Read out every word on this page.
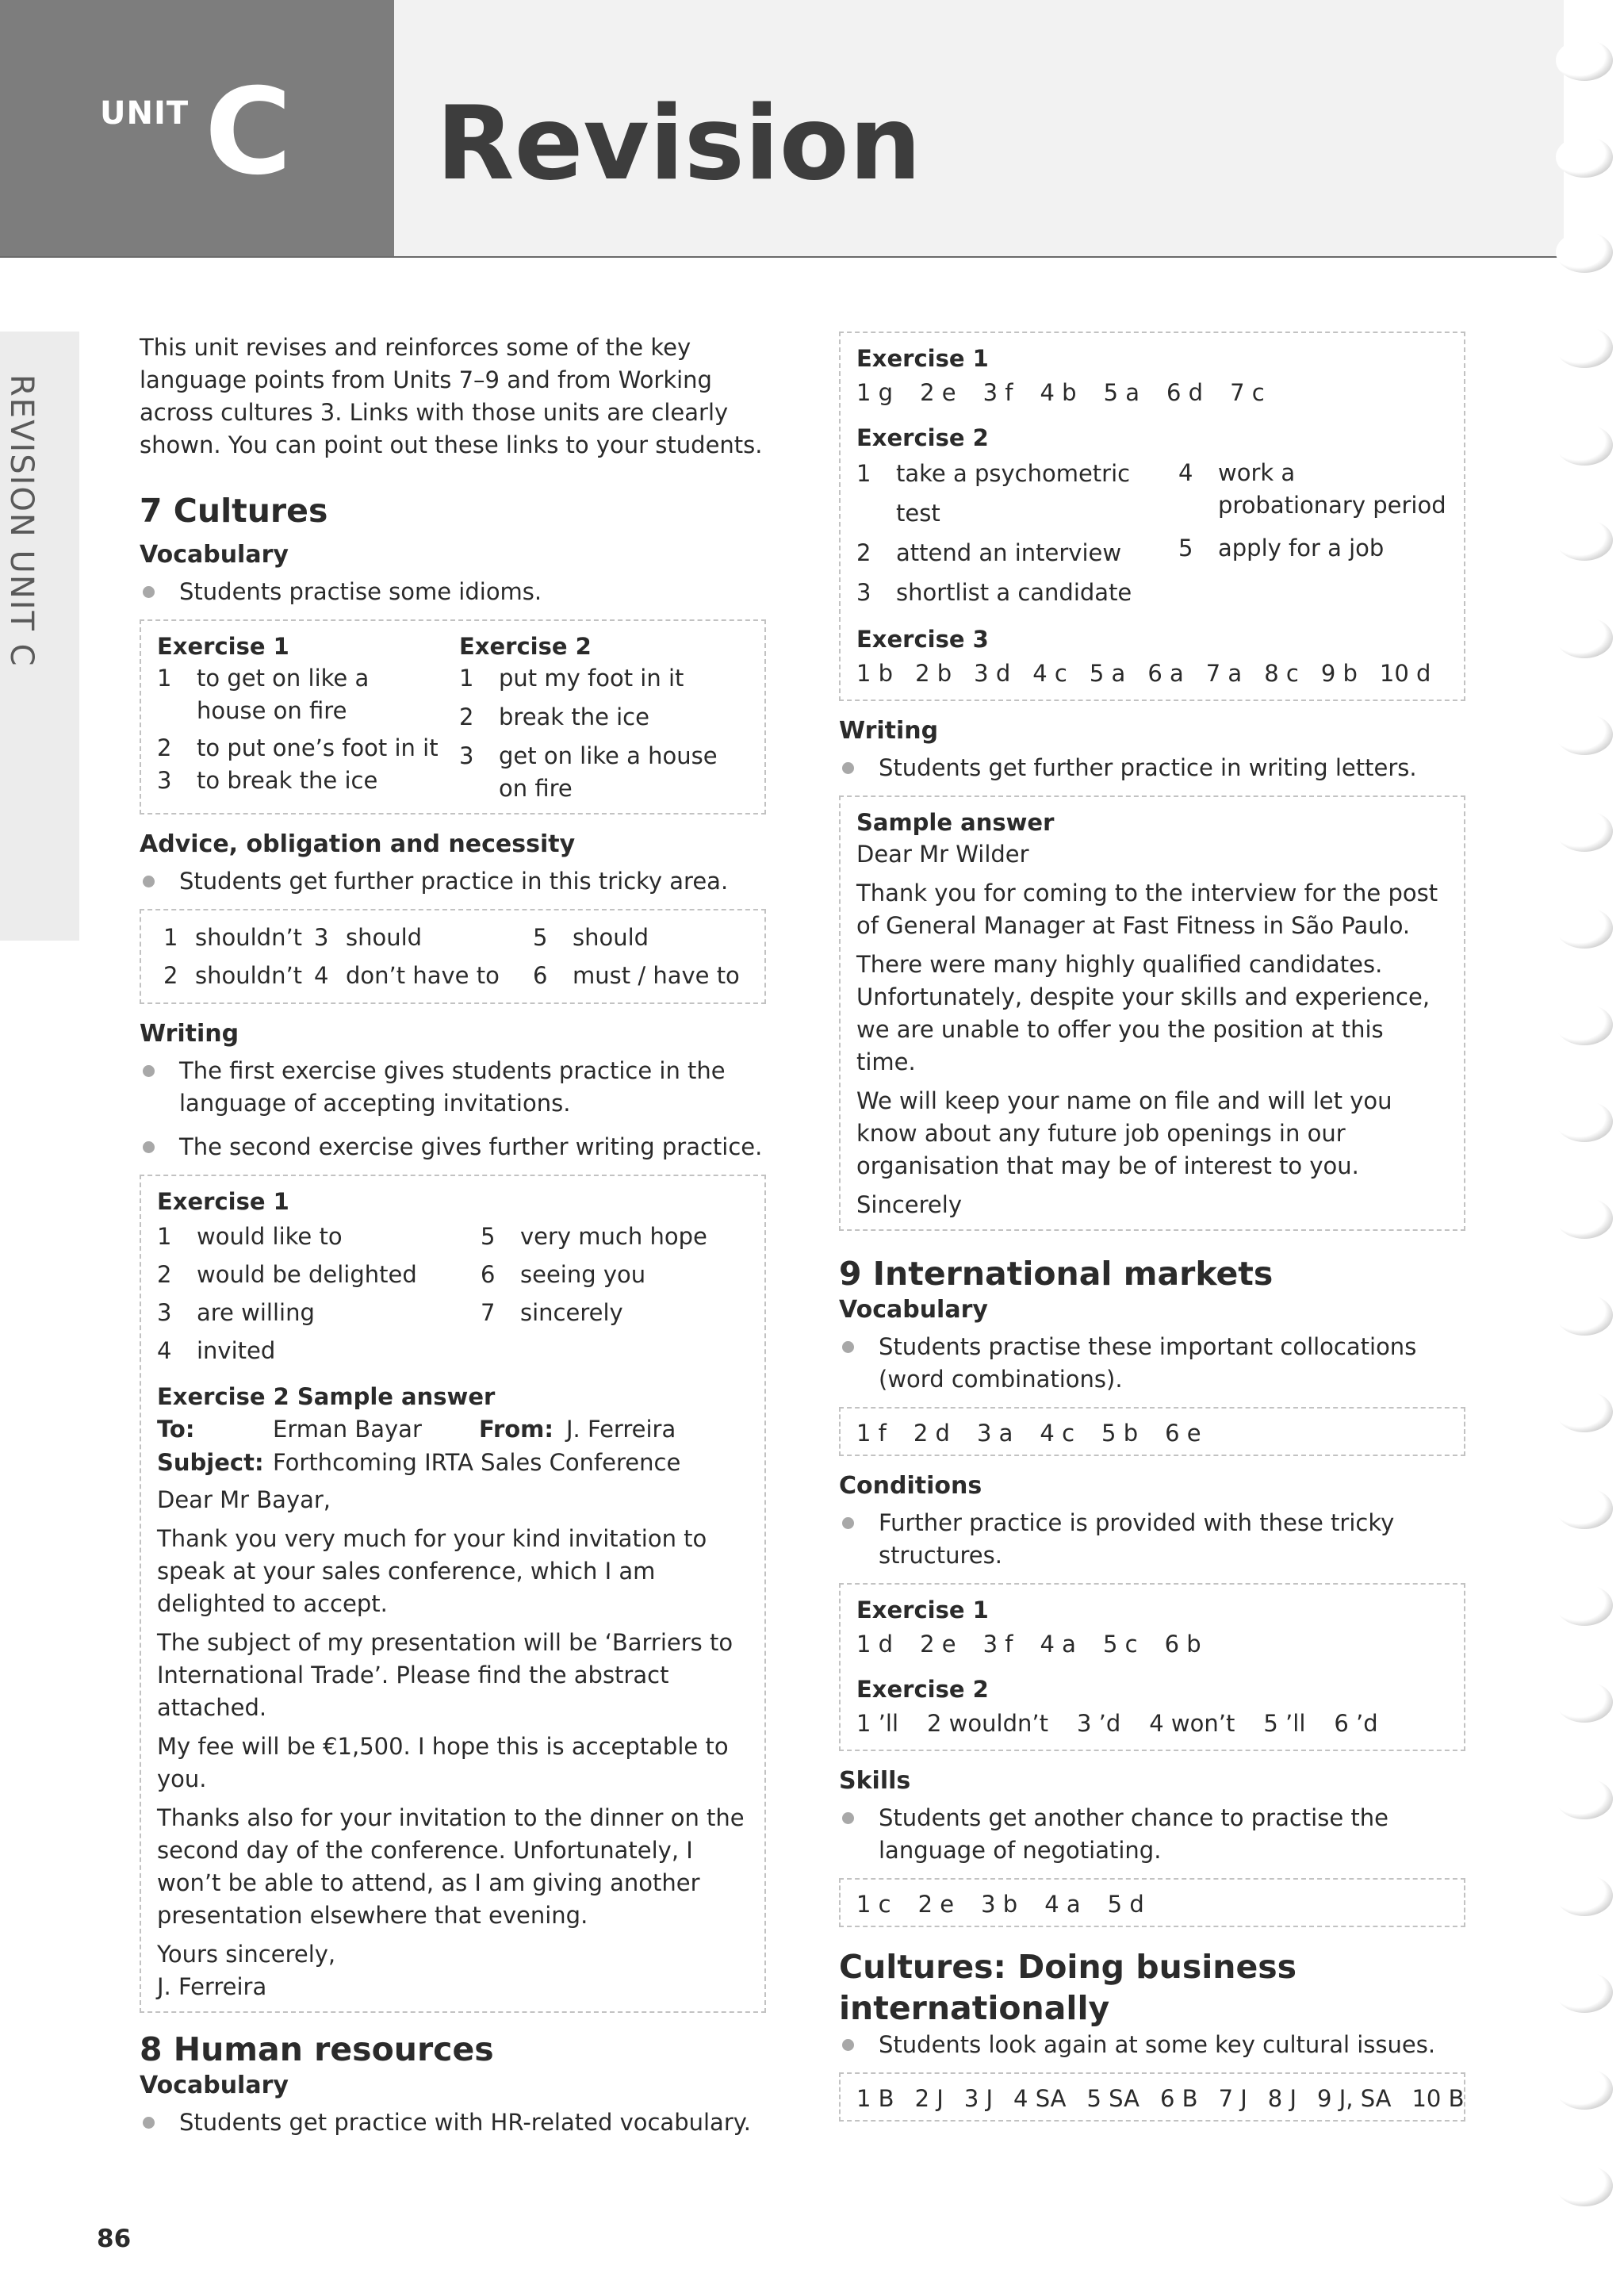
UNIT C Revision
REVISION UNIT C

This unit revises and reinforces some of the key language points from Units 7–9 and from Working across cultures 3. Links with those units are clearly shown. You can point out these links to your students.

7 Cultures
Vocabulary
Students practise some idioms.
Exercise 1
1	to get on like a house on fire
2	to put one’s foot in it
3	to break the ice
Exercise 2
1	put my foot in it
2	break the ice
3	get on like a house on fire
Advice, obligation and necessity
Students get further practice in this tricky area.
1 shouldn’t 3 should	5	should
2 shouldn’t 4 don’t have to	6	must / have to
Writing
The first exercise gives students practice in the language of accepting invitations.
The second exercise gives further writing practice.
Exercise 1
1	would like to
2	would be delighted
3	are willing
4	invited
5	very much hope
6	seeing you
7	sincerely
Exercise 2 Sample answer
To:	Erman Bayar	From: J. Ferreira
Subject: Forthcoming IRTA Sales Conference

Dear Mr Bayar,

Thank you very much for your kind invitation to speak at your sales conference, which I am delighted to accept.

The subject of my presentation will be ‘Barriers to International Trade’. Please find the abstract attached.

My fee will be €1,500. I hope this is acceptable to you.

Thanks also for your invitation to the dinner on the second day of the conference. Unfortunately, I won’t be able to attend, as I am giving another presentation elsewhere that evening.

Yours sincerely,

J. Ferreira

8 Human resources
Vocabulary
Students get practice with HR-related vocabulary.
Exercise 1
1 g 2 e 3 f 4 b 5 a 6 d 7 c
Exercise 2
1	take a psychometric test
2	attend an interview
3	shortlist a candidate
4	work a probationary period
5	apply for a job
Exercise 3
1 b 2 b 3 d 4 c 5 a 6 a 7 a 8 c 9 b 10 d
Writing
Students get further practice in writing letters.
Sample answer

Dear Mr Wilder

Thank you for coming to the interview for the post of General Manager at Fast Fitness in São Paulo.

There were many highly qualified candidates. Unfortunately, despite your skills and experience, we are unable to offer you the position at this time.

We will keep your name on file and will let you know about any future job openings in our organisation that may be of interest to you.

Sincerely

9 International markets
Vocabulary
Students practise these important collocations (word combinations).
1 f 2 d 3 a 4 c 5 b 6 e
Conditions
Further practice is provided with these tricky structures.
Exercise 1
1 d 2 e 3 f 4 a 5 c 6 b
Exercise 2
1 ’ll 2 wouldn’t 3 ’d 4 won’t 5 ’ll 6 ’d
Skills
Students get another chance to practise the language of negotiating.
1 c 2 e 3 b 4 a 5 d
Cultures: Doing business internationally
Students look again at some key cultural issues.
1 B 2 J 3 J 4 SA 5 SA 6 B 7 J 8 J 9 J, SA 10 B
86
